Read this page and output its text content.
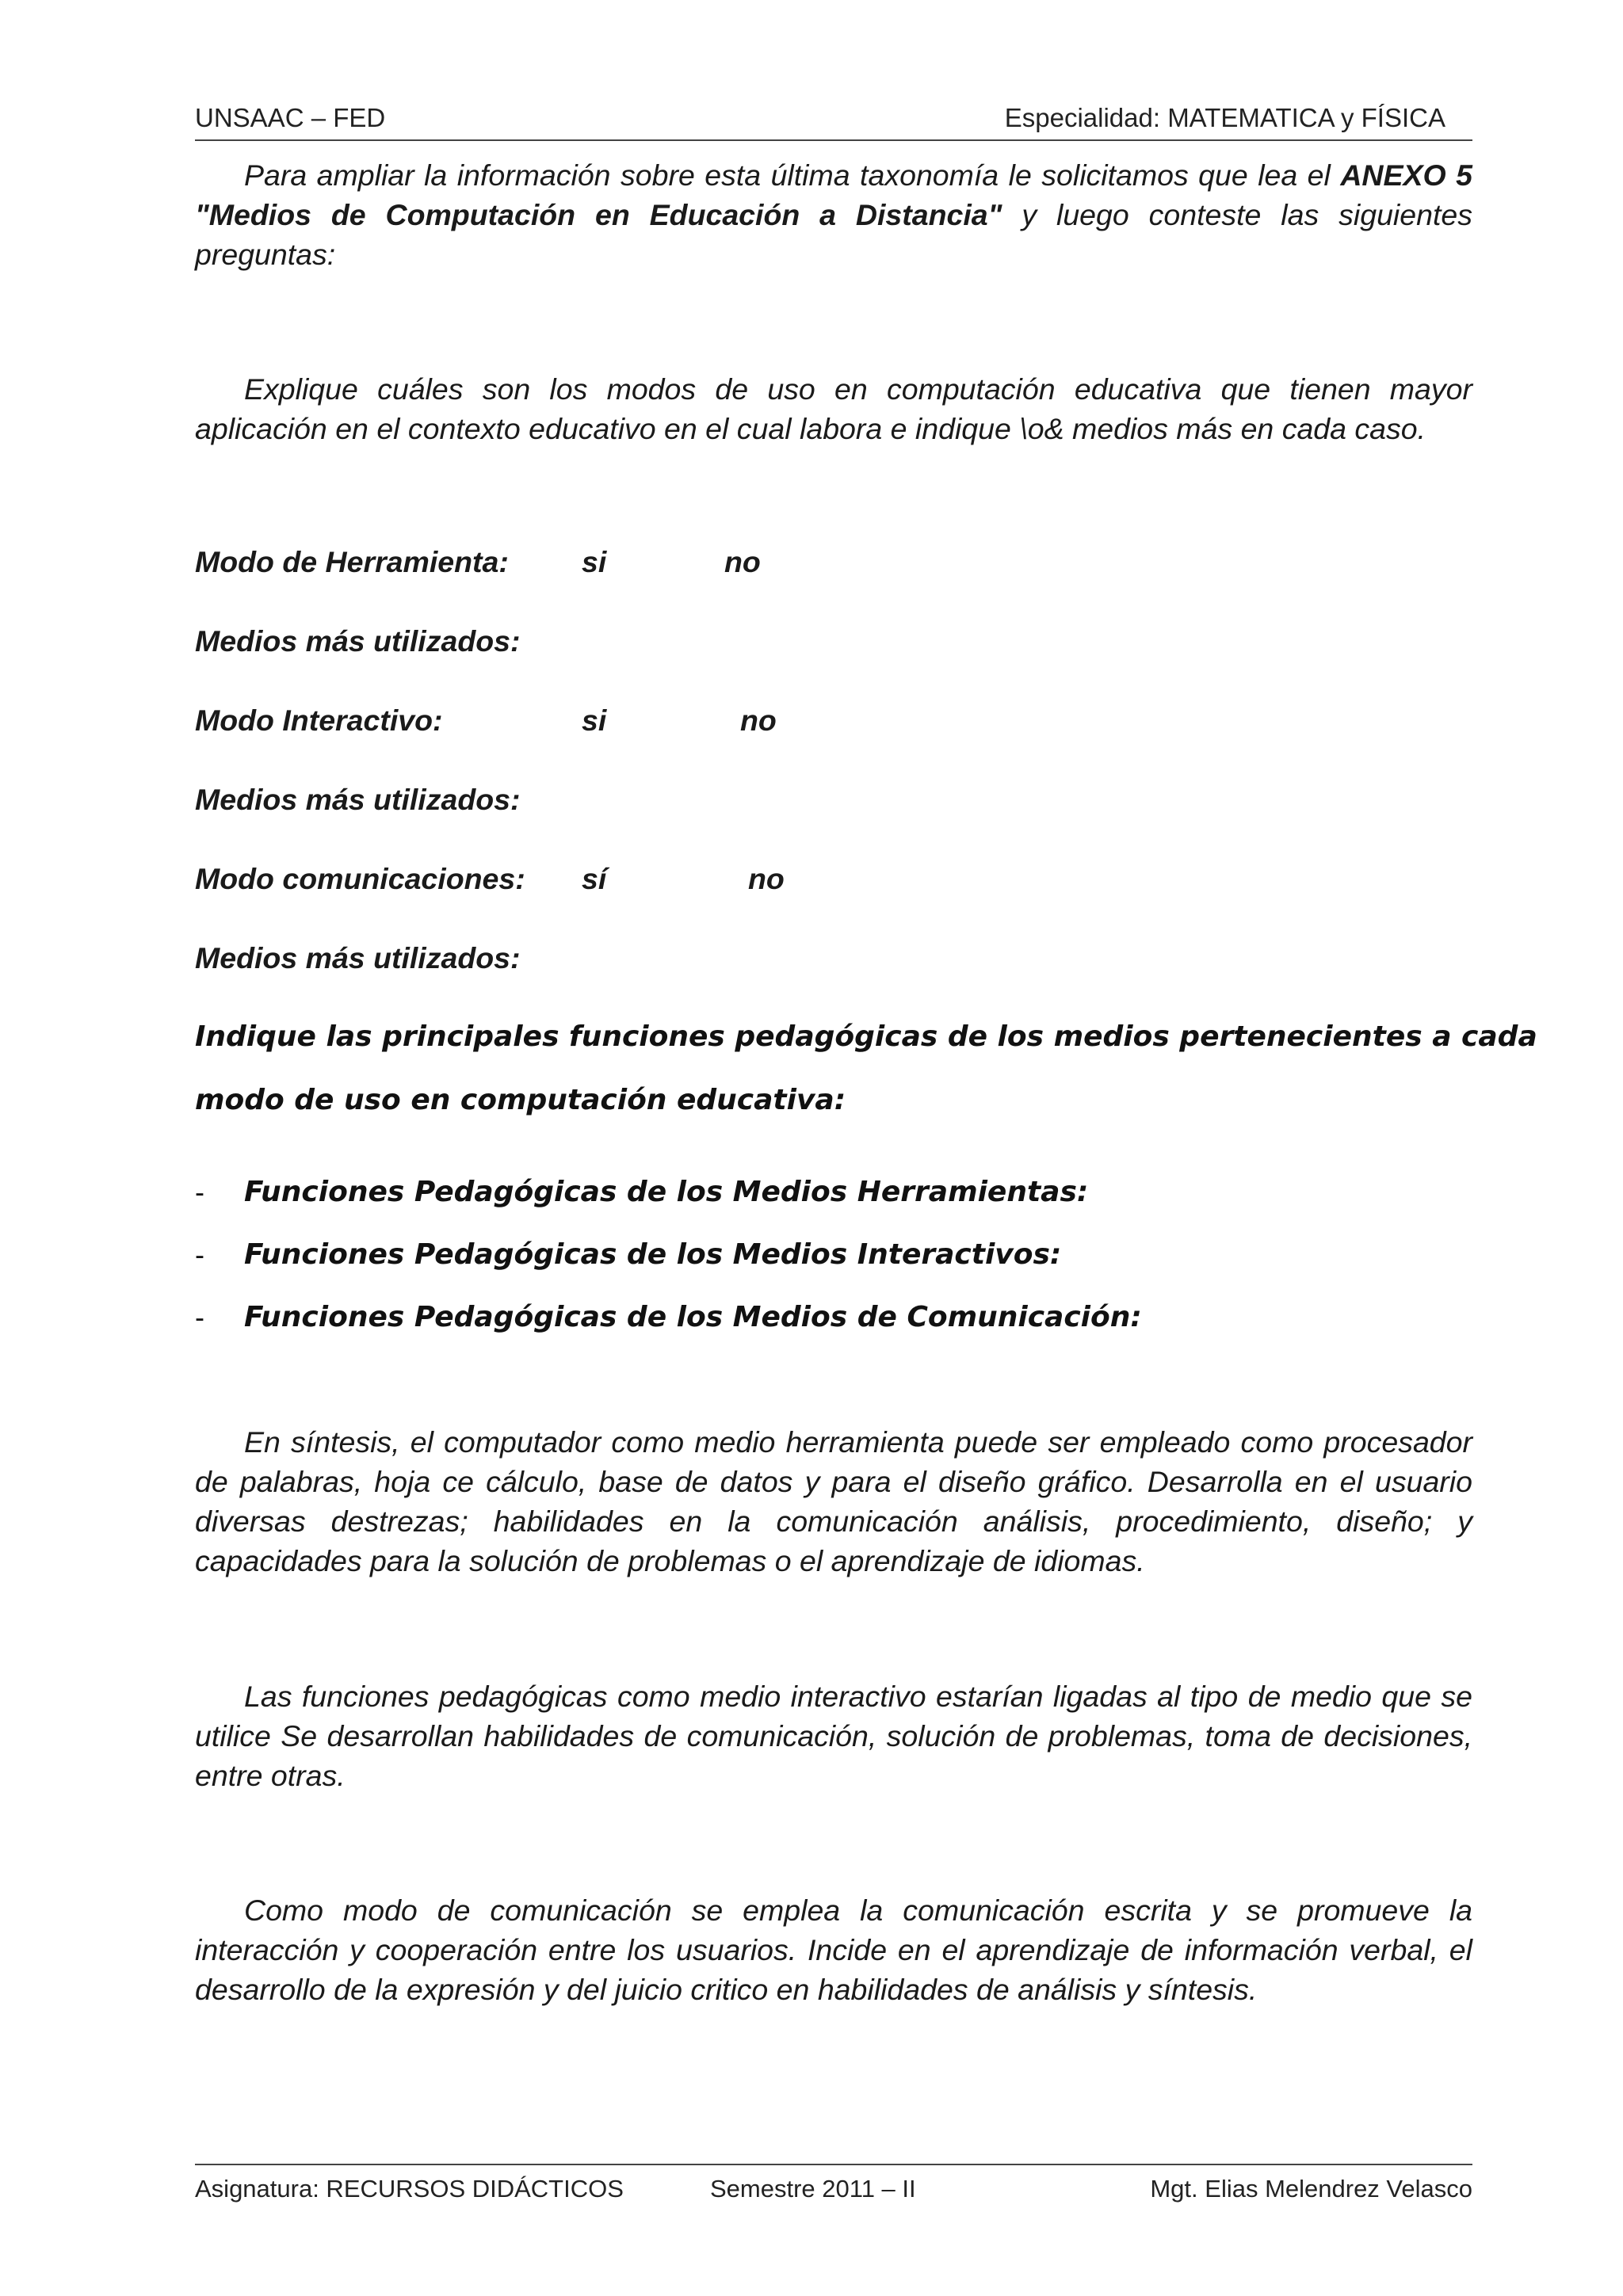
UNSAAC – FED	Especialidad: MATEMATICA y FÍSICA
Para ampliar la información sobre esta última taxonomía le solicitamos que lea el ANEXO 5 "Medios de Computación en Educación a Distancia" y luego conteste las siguientes preguntas:
Explique cuáles son los modos de uso en computación educativa que tienen mayor aplicación en el contexto educativo en el cual labora e indique \o& medios más en cada caso.
Modo de Herramienta: si	no
Medios más utilizados:
Modo Interactivo:	si	no
Medios más utilizados:
Modo comunicaciones: sí	no
Medios más utilizados:
Indique las principales funciones pedagógicas de los medios pertenecientes a cada
modo de uso en computación educativa:
- Funciones Pedagógicas de los Medios Herramientas:
- Funciones Pedagógicas de los Medios Interactivos:
- Funciones Pedagógicas de los Medios de Comunicación:
En síntesis, el computador como medio herramienta puede ser empleado como procesador de palabras, hoja ce cálculo, base de datos y para el diseño gráfico. Desarrolla en el usuario diversas destrezas; habilidades en la comunicación análisis, procedimiento, diseño; y capacidades para la solución de problemas o el aprendizaje de idiomas.
Las funciones pedagógicas como medio interactivo estarían ligadas al tipo de medio que se utilice Se desarrollan habilidades de comunicación, solución de problemas, toma de decisiones, entre otras.
Como modo de comunicación se emplea la comunicación escrita y se promueve la interacción y cooperación entre los usuarios. Incide en el aprendizaje de información verbal, el desarrollo de la expresión y del juicio critico en habilidades de análisis y síntesis.
Asignatura: RECURSOS DIDÁCTICOS	Semestre 2011 – II	Mgt. Elias Melendrez Velasco
